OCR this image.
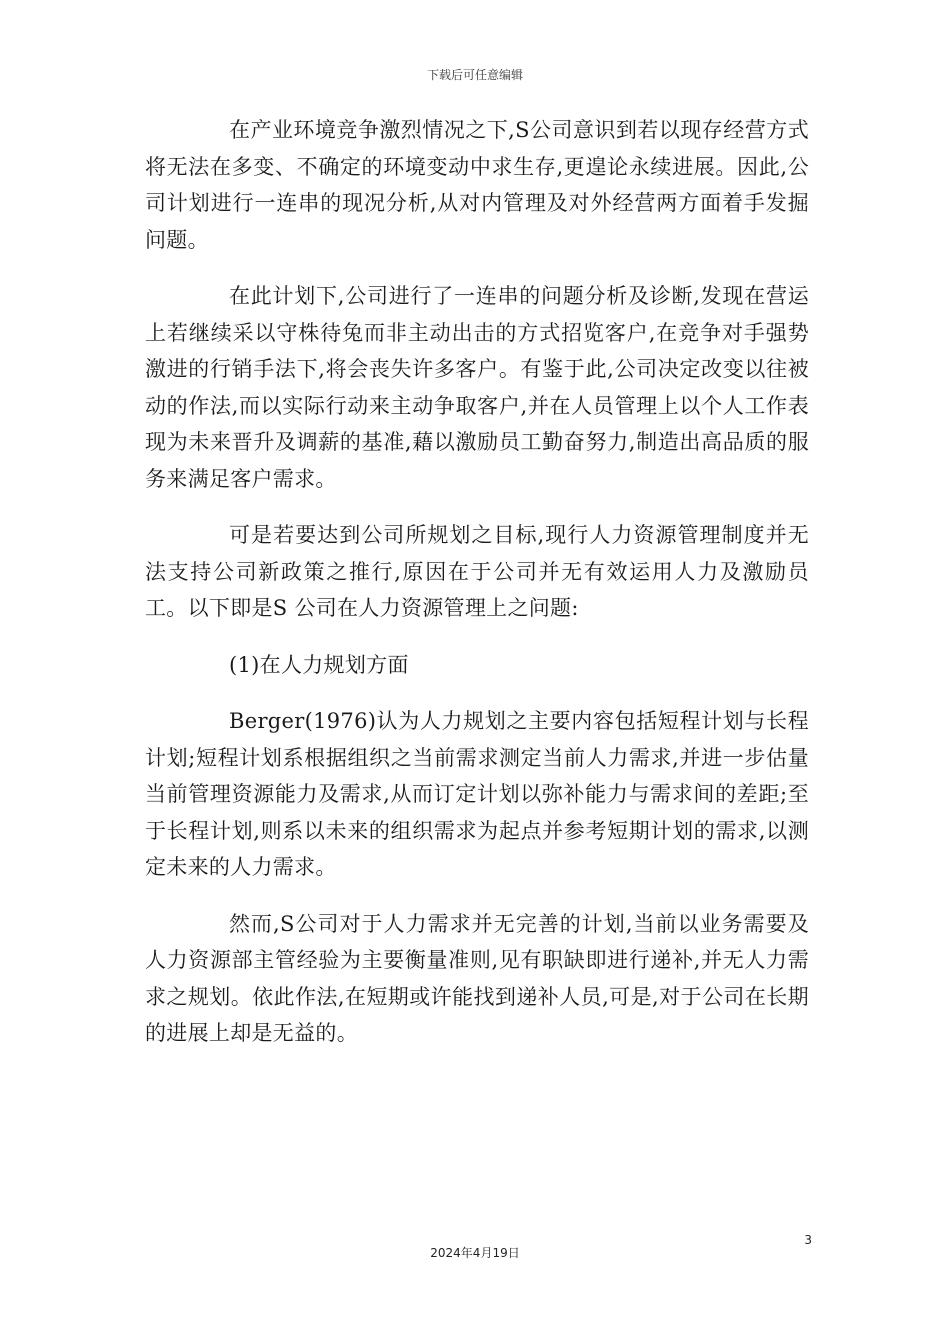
下载后可任意编辑

在产业环境竞争激烈情况之下,S公司意识到若以现存经营方式将无法在多变、不确定的环境变动中求生存,更遑论永续进展。因此,公司计划进行一连串的现况分析,从对内管理及对外经营两方面着手发掘问题。

在此计划下,公司进行了一连串的问题分析及诊断,发现在营运上若继续采以守株待兔而非主动出击的方式招览客户,在竞争对手强势激进的行销手法下,将会丧失许多客户。有鉴于此,公司决定改变以往被动的作法,而以实际行动来主动争取客户,并在人员管理上以个人工作表现为未来晋升及调薪的基准,藉以激励员工勤奋努力,制造出高品质的服务来满足客户需求。

可是若要达到公司所规划之目标,现行人力资源管理制度并无法支持公司新政策之推行,原因在于公司并无有效运用人力及激励员工。以下即是S 公司在人力资源管理上之问题:

(1)在人力规划方面

Berger(1976)认为人力规划之主要内容包括短程计划与长程计划;短程计划系根据组织之当前需求测定当前人力需求,并进一步估量当前管理资源能力及需求,从而订定计划以弥补能力与需求间的差距;至于长程计划,则系以未来的组织需求为起点并参考短期计划的需求,以测定未来的人力需求。

然而,S公司对于人力需求并无完善的计划,当前以业务需要及人力资源部主管经验为主要衡量准则,见有职缺即进行递补,并无人力需求之规划。依此作法,在短期或许能找到递补人员,可是,对于公司在长期的进展上却是无益的。

3
2024年4月19日
